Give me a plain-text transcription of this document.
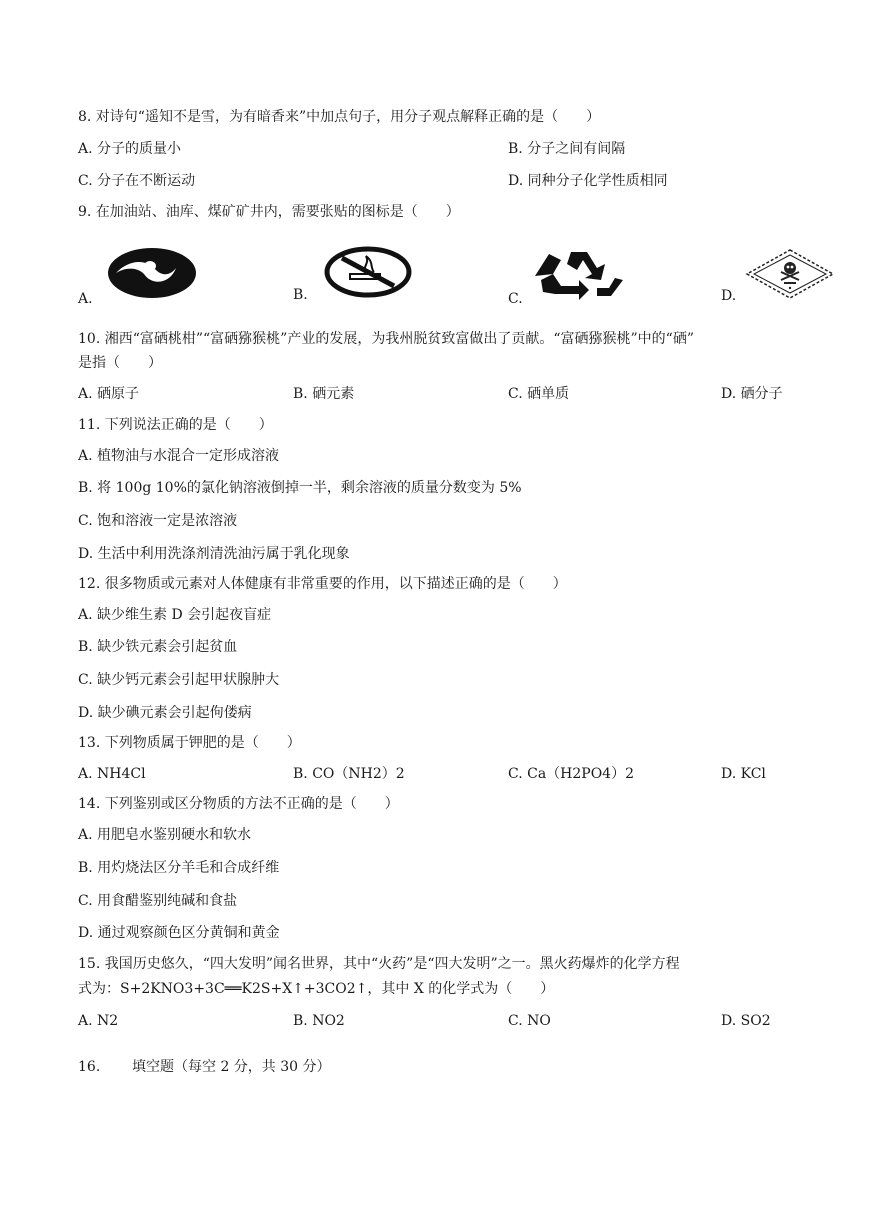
8. 对诗句“遥知不是雪，为有暗香来”中加点句子，用分子观点解释正确的是（　　）
A. 分子的质量小	B. 分子之间有间隔
C. 分子在不断运动	D. 同种分子化学性质相同
9. 在加油站、油库、煤矿矿井内，需要张贴的图标是（　　）
A.	B.	C.	D.
10. 湘西“富硒桃柑”“富硒猕猴桃”产业的发展，为我州脱贫致富做出了贡献。“富硒猕猴桃”中的“硒”
是指（　　）
A. 硒原子	B. 硒元素	C. 硒单质	D. 硒分子
11. 下列说法正确的是（　　）
A. 植物油与水混合一定形成溶液
B. 将 100g 10%的氯化钠溶液倒掉一半，剩余溶液的质量分数变为 5%
C. 饱和溶液一定是浓溶液
D. 生活中利用洗涤剂清洗油污属于乳化现象
12. 很多物质或元素对人体健康有非常重要的作用，以下描述正确的是（　　）
A. 缺少维生素 D 会引起夜盲症
B. 缺少铁元素会引起贫血
C. 缺少钙元素会引起甲状腺肿大
D. 缺少碘元素会引起佝偻病
13. 下列物质属于钾肥的是（　　）
A. NH4Cl	B. CO（NH2）2	C. Ca（H2PO4）2	D. KCl
14. 下列鉴别或区分物质的方法不正确的是（　　）
A. 用肥皂水鉴别硬水和软水
B. 用灼烧法区分羊毛和合成纤维
C. 用食醋鉴别纯碱和食盐
D. 通过观察颜色区分黄铜和黄金
15. 我国历史悠久，“四大发明”闻名世界，其中“火药”是“四大发明”之一。黑火药爆炸的化学方程
式为：S+2KNO3+3C══K2S+X↑+3CO2↑，其中 X 的化学式为（　　）
A. N2	B. NO2	C. NO	D. SO2
16. 填空题（每空 2 分，共 30 分）
